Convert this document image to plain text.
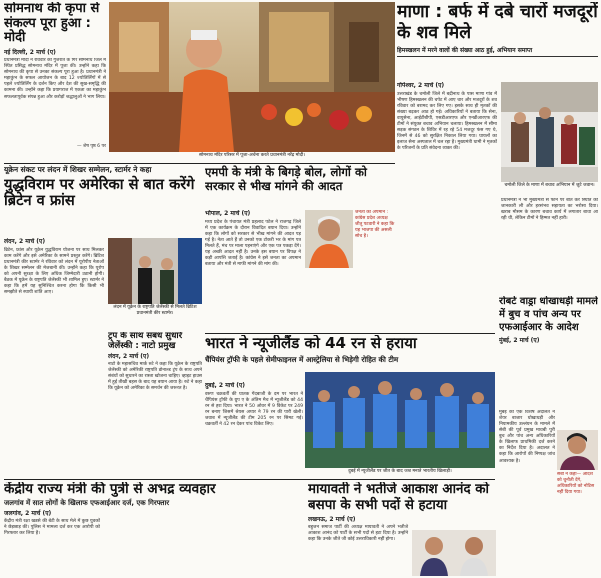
सोमनाथ की कृपा से संकल्प पूरा हुआ : मोदी
नई दिल्ली, 2 मार्च (ए)
प्रधानमंत्री मोदी ने रविवार को गुजरात के गिर सोमनाथ जिले में स्थित प्रसिद्ध सोमनाथ मंदिर में पूजा की। उन्होंने कहा कि सोमनाथ की कृपा से उनका संकल्प पूरा हुआ है। प्रधानमंत्री ने महाकुंभ के सफल आयोजन के बाद 12 ज्योतिर्लिंगों में से पहले ज्योतिर्लिंग के दर्शन किए और देश की सुख-समृद्धि की कामना की। उन्होंने कहा कि प्रयागराज में एकता का महाकुंभ सफलतापूर्वक संपन्न हुआ और करोड़ों श्रद्धालुओं ने भाग लिया।
— शेष पृष्ठ 6 पर
सोमनाथ मंदिर परिसर में पूजा-अर्चना करते प्रधानमंत्री नरेंद्र मोदी।
माणा : बर्फ में दबे चारों मजदूरों के शव मिले
हिमस्खलन में मरने वालों की संख्या आठ हुई, अभियान समाप्त
गोपेश्वर, 2 मार्च (ए)
उत्तराखंड के चमोली जिले में बद्रीनाथ के पास माणा गांव में भीषण हिमस्खलन की चपेट में आए चार और मजदूरों के शव रविवार को बरामद कर लिए गए। इसके साथ ही मृतकों की संख्या बढ़कर आठ हो गई। अधिकारियों ने बताया कि सेना, वायुसेना, आईटीबीपी, एसडीआरएफ और एनडीआरएफ की टीमों ने संयुक्त बचाव अभियान चलाया। हिमस्खलन में सीमा सड़क संगठन के शिविर में रह रहे 54 मजदूर फंस गए थे, जिनमें से 46 को सुरक्षित निकाल लिया गया। घायलों का इलाज सेना अस्पताल में चल रहा है। मुख्यमंत्री धामी ने मृतकों के परिजनों के प्रति संवेदना व्यक्त की।
चमोली जिले के माणा में बचाव अभियान में जुटे जवान।
प्रधानमंत्री ने भी मुख्यमंत्री से फोन पर बात कर स्थिति की जानकारी ली और हरसंभव सहायता का भरोसा दिया। खराब मौसम के कारण बचाव कार्य में लगातार बाधा आ रही थी, लेकिन टीमों ने हिम्मत नहीं हारी।
यूक्रेन संकट पर लंदन में शिखर सम्मेलन, स्टार्मर ने कहा
युद्धविराम पर अमेरिका से बात करेंगे ब्रिटेन व फ्रांस
लंदन, 2 मार्च (ए)
ब्रिटेन, फ्रांस और यूक्रेन युद्धविराम योजना पर साथ मिलकर काम करेंगे और इसे अमेरिका के सामने प्रस्तुत करेंगे। ब्रिटिश प्रधानमंत्री कीर स्टार्मर ने रविवार को लंदन में यूरोपीय नेताओं के शिखर सम्मेलन की मेजबानी की। उन्होंने कहा कि यूरोप को अपनी सुरक्षा के लिए अधिक जिम्मेदारी उठानी होगी। बैठक में यूक्रेन के राष्ट्रपति जेलेंस्की भी शामिल हुए। स्टार्मर ने कहा कि हमें यह सुनिश्चित करना होगा कि किसी भी समझौते से स्थायी शांति आए।
लंदन में यूक्रेन के राष्ट्रपति जेलेंस्की से मिलते ब्रिटिश प्रधानमंत्री कीर स्टार्मर।
ट्रंप के साथ संबंध सुधारें जेलेंस्की : नाटो प्रमुख
लंदन, 2 मार्च (ए)
नाटो के महासचिव मार्क रुटे ने कहा कि यूक्रेन के राष्ट्रपति जेलेंस्की को अमेरिकी राष्ट्रपति डोनाल्ड ट्रंप के साथ अपने संबंधों को सुधारने का रास्ता खोजना चाहिए। व्हाइट हाउस में हुई तीखी बहस के बाद यह बयान आया है। रुटे ने कहा कि यूक्रेन को अमेरिका के समर्थन की जरूरत है।
एमपी के मंत्री के बिगड़े बोल, लोगों को सरकार से भीख मांगने की आदत
भोपाल, 2 मार्च (ए)
मध्य प्रदेश के पंचायत मंत्री प्रहलाद पटेल ने राजगढ़ जिले में एक कार्यक्रम के दौरान विवादित बयान दिया। उन्होंने कहा कि लोगों को सरकार से भीख मांगने की आदत पड़ गई है। नेता आते हैं तो उनको एक टोकरी भर के मांग पत्र मिलते हैं, मंच पर माला पहनाएंगे और एक पत्र पकड़ा देंगे। यह अच्छी आदत नहीं है। उनके इस बयान पर विपक्ष ने कड़ी आपत्ति जताई है। कांग्रेस ने इसे जनता का अपमान बताया और मंत्री से माफी मांगने की मांग की।
जनता का अपमान : कांग्रेस प्रदेश अध्यक्ष जीतू पटवारी ने कहा कि यह भाजपा की असली सोच है।
भारत ने न्यूजीलैंड को 44 रन से हराया
चैंपियंस ट्रॉफी के पहले सेमीफाइनल में आस्ट्रेलिया से भिड़ेगी रोहित की टीम
दुबई, 2 मार्च (ए)
वरुण चक्रवर्ती की घातक गेंदबाजी के दम पर भारत ने चैंपियंस ट्रॉफी के ग्रुप ए के अंतिम मैच में न्यूजीलैंड को 44 रन से हरा दिया। भारत ने 50 ओवर में 9 विकेट पर 249 रन बनाए जिसमें श्रेयस अय्यर ने 79 रन की पारी खेली। जवाब में न्यूजीलैंड की टीम 205 रन पर सिमट गई। चक्रवर्ती ने 42 रन देकर पांच विकेट लिए।
दुबई में न्यूजीलैंड पर जीत के बाद जश्न मनाते भारतीय खिलाड़ी।
रोबर्ट वाड्रा धोखाधड़ी मामले में बुच व पांच अन्य पर एफआईआर के आदेश
मुंबई, 2 मार्च (ए)
मुंबई की एक विशेष अदालत ने शेयर बाजार धोखाधड़ी और नियामकीय उल्लंघन के मामले में सेबी की पूर्व प्रमुख माधबी पुरी बुच और पांच अन्य अधिकारियों के खिलाफ प्राथमिकी दर्ज करने का निर्देश दिया है। अदालत ने कहा कि आरोपों की निष्पक्ष जांच आवश्यक है।
सेबी ने कहा— आदेश को चुनौती देंगे, अधिकारियों को नोटिस नहीं दिया गया।
केंद्रीय राज्य मंत्री की पुत्री से अभद्र व्यवहार
जलगांव में सात लोगों के खिलाफ एफआईआर दर्ज, एक गिरफ्तार
जलगांव, 2 मार्च (ए)
केंद्रीय मंत्री रक्षा खडसे की बेटी के साथ मेले में कुछ युवकों ने छेड़छाड़ की। पुलिस ने मामला दर्ज कर एक आरोपी को गिरफ्तार कर लिया है।
मायावती ने भतीजे आकाश आनंद को बसपा के सभी पदों से हटाया
लखनऊ, 2 मार्च (ए)
बहुजन समाज पार्टी की अध्यक्ष मायावती ने अपने भतीजे आकाश आनंद को पार्टी के सभी पदों से हटा दिया है। उन्होंने कहा कि उनके जीते जी कोई उत्तराधिकारी नहीं होगा।
